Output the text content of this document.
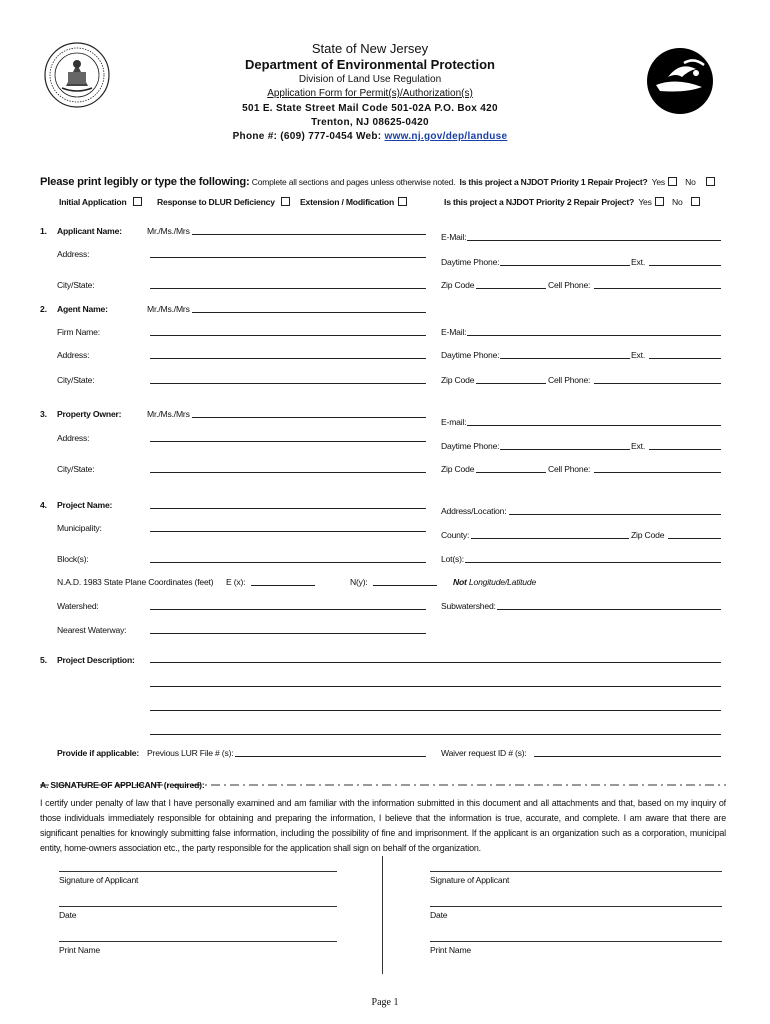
State of New Jersey
Department of Environmental Protection
Division of Land Use Regulation
Application Form for Permit(s)/Authorization(s)
501 E. State Street Mail Code 501-02A P.O. Box 420
Trenton, NJ 08625-0420
Phone #: (609) 777-0454 Web: www.nj.gov/dep/landuse
Please print legibly or type the following: Complete all sections and pages unless otherwise noted. Is this project a NJDOT Priority 1 Repair Project? Yes No
Initial Application	Response to DLUR Deficiency	Extension / Modification	Is this project a NJDOT Priority 2 Repair Project? Yes No
1. Applicant Name:	Mr./Ms./Mrs
E-Mail:
Address:
Daytime Phone:	Ext.
City/State:	Zip Code	Cell Phone:
2. Agent Name:	Mr./Ms./Mrs
Firm Name:	E-Mail:
Address:	Daytime Phone:	Ext.
City/State:	Zip Code	Cell Phone:
3. Property Owner:	Mr./Ms./Mrs
E-mail:
Address:
Daytime Phone:	Ext.
City/State:	Zip Code	Cell Phone:
4. Project Name:
Address/Location:
Municipality:
County:	Zip Code
Block(s):	Lot(s):
N.A.D. 1983 State Plane Coordinates (feet) E (x):	N(y):	Not Longitude/Latitude
Watershed:	Subwatershed:
Nearest Waterway:
5. Project Description:
Provide if applicable: Previous LUR File # (s):	Waiver request ID # (s):
A. SIGNATURE OF APPLICANT (required):
I certify under penalty of law that I have personally examined and am familiar with the information submitted in this document and all attachments and that, based on my inquiry of those individuals immediately responsible for obtaining and preparing the information, I believe that the information is true, accurate, and complete. I am aware that there are significant penalties for knowingly submitting false information, including the possibility of fine and imprisonment. If the applicant is an organization such as a corporation, municipal entity, home-owners association etc., the party responsible for the application shall sign on behalf of the organization.
Signature of Applicant
Date
Print Name
Signature of Applicant
Date
Print Name
Page 1
